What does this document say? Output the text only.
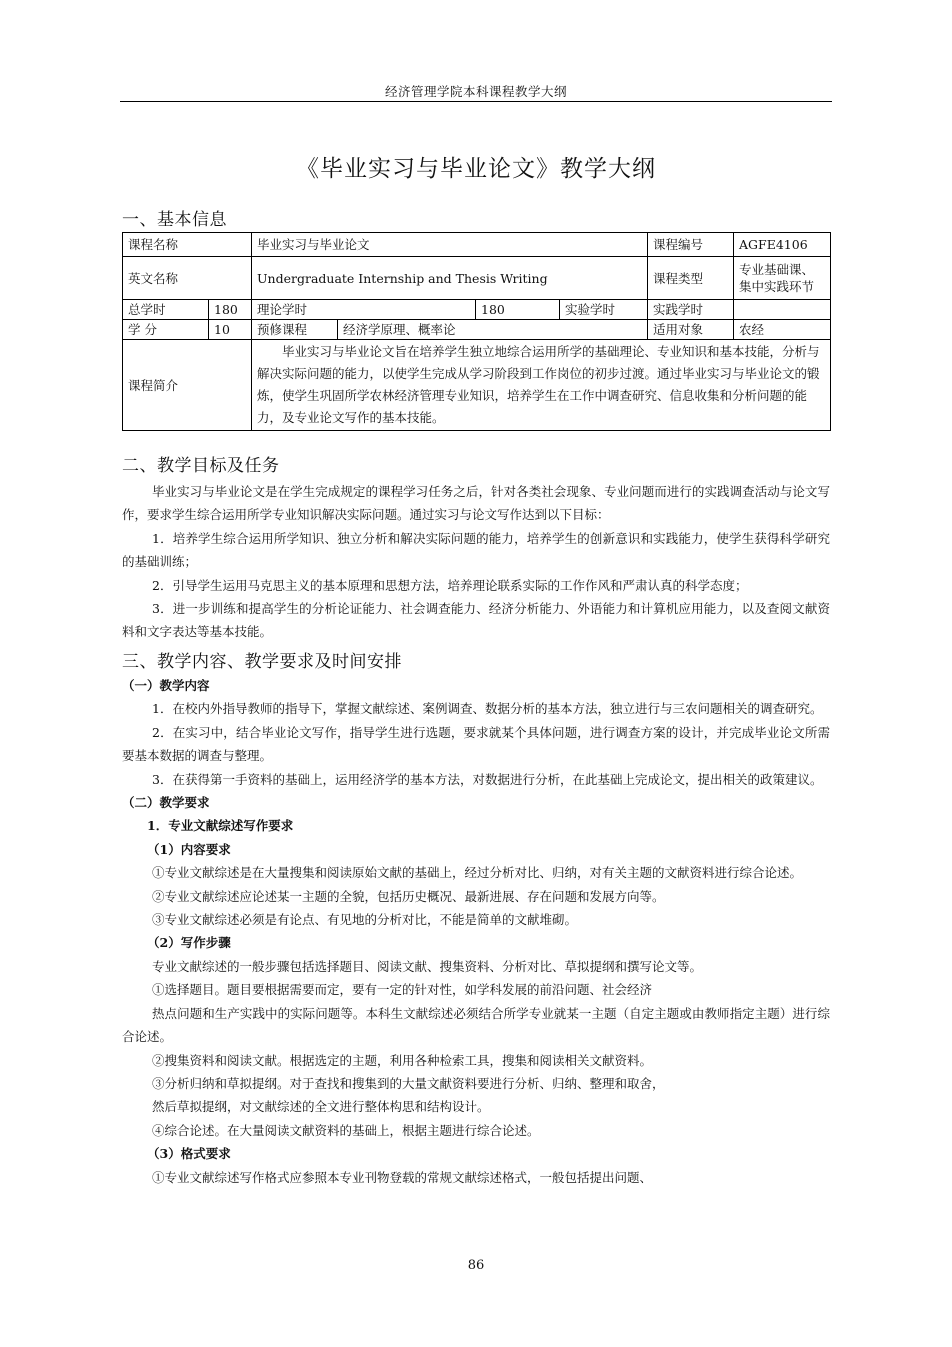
经济管理学院本科课程教学大纲
《毕业实习与毕业论文》教学大纲
一、基本信息
课程名称		毕业实习与毕业论文				课程编号	AGFE4106
英文名称		Undergraduate Internship and Thesis Writing				课程类型	专业基础课、集中实践环节
总学时	180	理论学时		180	实验学时	实践学时	
学 分	10	预修课程	经济学原理、概率论			适用对象	农经
课程简介		毕业实习与毕业论文旨在培养学生独立地综合运用所学的基础理论、专业知识和基本技能，分析与解决实际问题的能力，以使学生完成从学习阶段到工作岗位的初步过渡。通过毕业实习与毕业论文的锻炼，使学生巩固所学农林经济管理专业知识，培养学生在工作中调查研究、信息收集和分析问题的能力，及专业论文写作的基本技能。					
二、教学目标及任务

毕业实习与毕业论文是在学生完成规定的课程学习任务之后，针对各类社会现象、专业问题而进行的实践调查活动与论文写作，要求学生综合运用所学专业知识解决实际问题。通过实习与论文写作达到以下目标：

1．培养学生综合运用所学知识、独立分析和解决实际问题的能力，培养学生的创新意识和实践能力，使学生获得科学研究的基础训练；

2．引导学生运用马克思主义的基本原理和思想方法，培养理论联系实际的工作作风和严肃认真的科学态度；

3．进一步训练和提高学生的分析论证能力、社会调查能力、经济分析能力、外语能力和计算机应用能力，以及查阅文献资料和文字表达等基本技能。

三、教学内容、教学要求及时间安排

（一）教学内容

1．在校内外指导教师的指导下，掌握文献综述、案例调查、数据分析的基本方法，独立进行与三农问题相关的调查研究。

2．在实习中，结合毕业论文写作，指导学生进行选题，要求就某个具体问题，进行调查方案的设计，并完成毕业论文所需要基本数据的调查与整理。

3．在获得第一手资料的基础上，运用经济学的基本方法，对数据进行分析，在此基础上完成论文，提出相关的政策建议。

（二）教学要求

1．专业文献综述写作要求

（1）内容要求

①专业文献综述是在大量搜集和阅读原始文献的基础上，经过分析对比、归纳，对有关主题的文献资料进行综合论述。

②专业文献综述应论述某一主题的全貌，包括历史概况、最新进展、存在问题和发展方向等。

③专业文献综述必须是有论点、有见地的分析对比，不能是简单的文献堆砌。

（2）写作步骤

专业文献综述的一般步骤包括选择题目、阅读文献、搜集资料、分析对比、草拟提纲和撰写论文等。

①选择题目。题目要根据需要而定，要有一定的针对性，如学科发展的前沿问题、社会经济

热点问题和生产实践中的实际问题等。本科生文献综述必须结合所学专业就某一主题（自定主题或由教师指定主题）进行综合论述。

②搜集资料和阅读文献。根据选定的主题，利用各种检索工具，搜集和阅读相关文献资料。

③分析归纳和草拟提纲。对于查找和搜集到的大量文献资料要进行分析、归纳、整理和取舍，

然后草拟提纲，对文献综述的全文进行整体构思和结构设计。

④综合论述。在大量阅读文献资料的基础上，根据主题进行综合论述。

（3）格式要求

①专业文献综述写作格式应参照本专业刊物登载的常规文献综述格式，一般包括提出问题、

86
